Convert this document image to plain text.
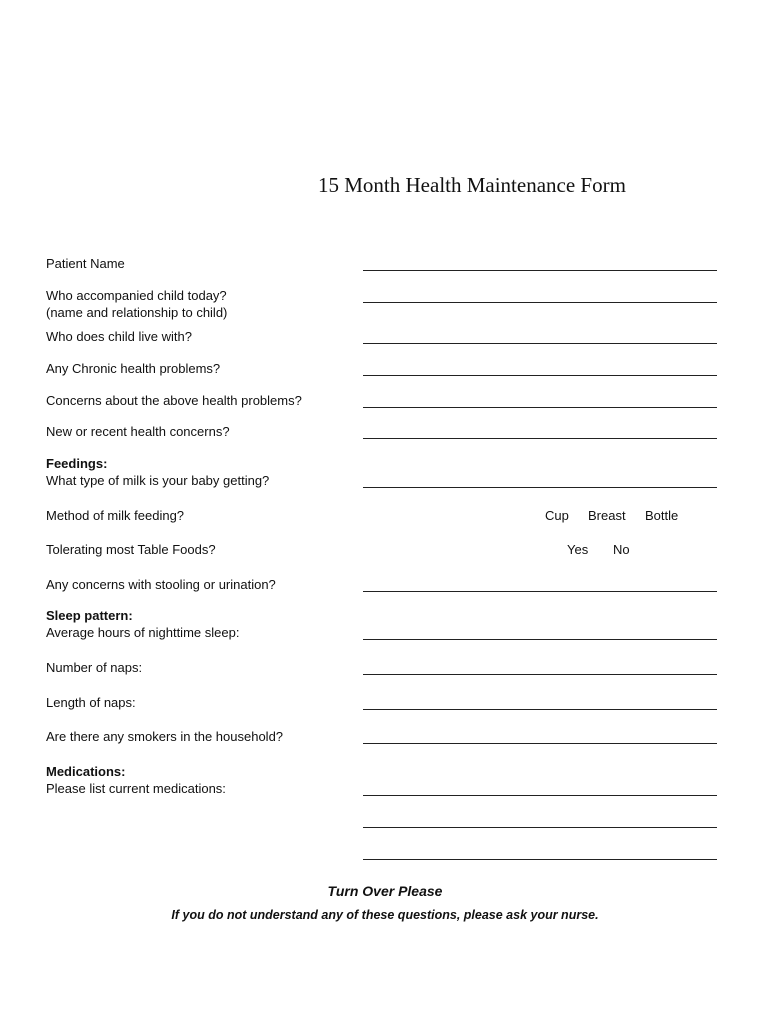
15 Month Health Maintenance Form
Patient Name
Who accompanied child today?
(name and relationship to child)
Who does child live with?
Any Chronic health problems?
Concerns about the above health problems?
New or recent health concerns?
Feedings:
What type of milk is your baby getting?
Method of milk feeding?	Cup Breast Bottle
Tolerating most Table Foods?	Yes No
Any concerns with stooling or urination?
Sleep pattern:
Average hours of nighttime sleep:
Number of naps:
Length of naps:
Are there any smokers in the household?
Medications:
Please list current medications:
Turn Over Please
If you do not understand any of these questions, please ask your nurse.
